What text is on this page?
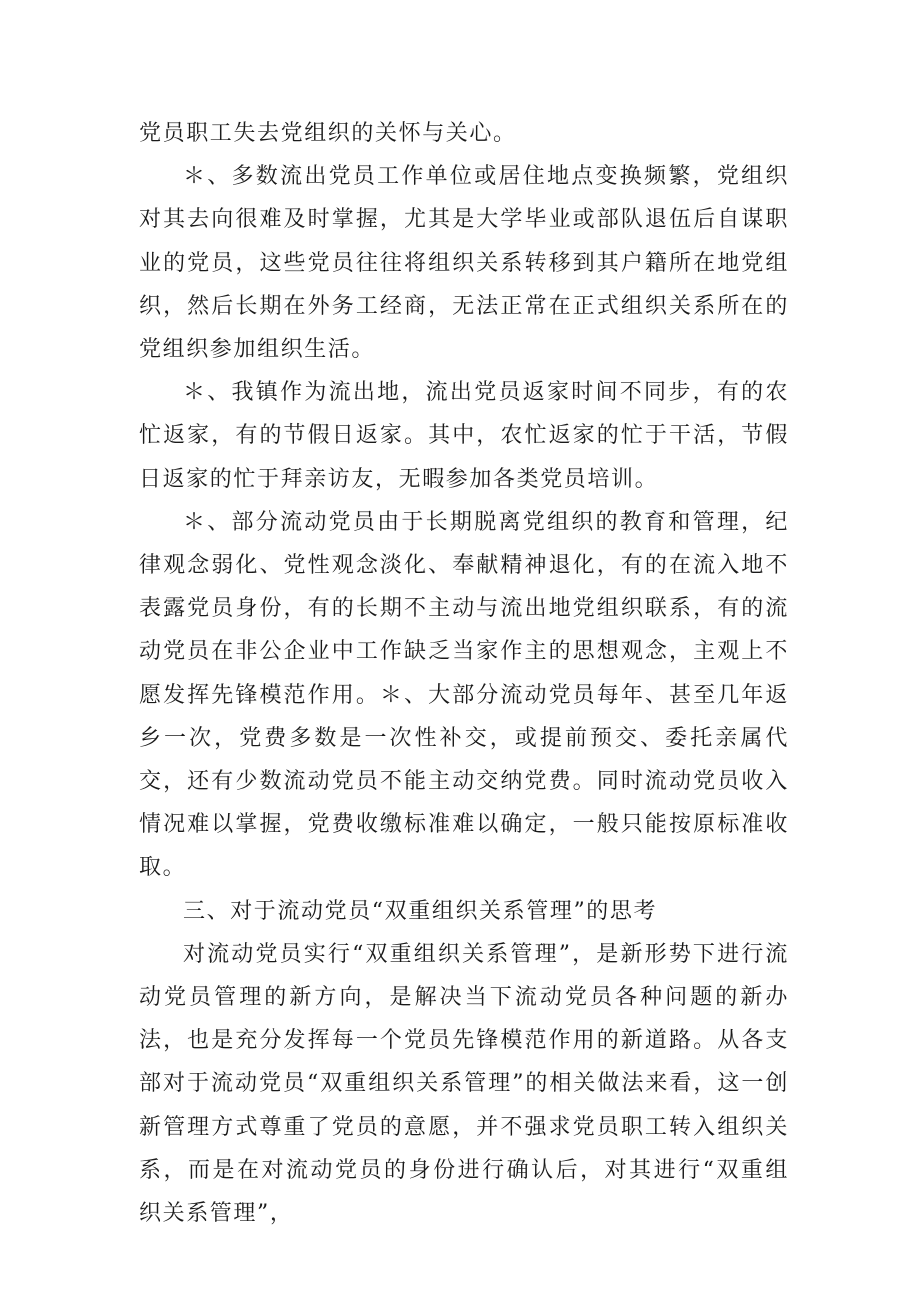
党员职工失去党组织的关怀与关心。

＊、多数流出党员工作单位或居住地点变换频繁，党组织对其去向很难及时掌握，尤其是大学毕业或部队退伍后自谋职业的党员，这些党员往往将组织关系转移到其户籍所在地党组织，然后长期在外务工经商，无法正常在正式组织关系所在的党组织参加组织生活。

＊、我镇作为流出地，流出党员返家时间不同步，有的农忙返家，有的节假日返家。其中，农忙返家的忙于干活，节假日返家的忙于拜亲访友，无暇参加各类党员培训。

＊、部分流动党员由于长期脱离党组织的教育和管理，纪律观念弱化、党性观念淡化、奉献精神退化，有的在流入地不表露党员身份，有的长期不主动与流出地党组织联系，有的流动党员在非公企业中工作缺乏当家作主的思想观念，主观上不愿发挥先锋模范作用。＊、大部分流动党员每年、甚至几年返乡一次，党费多数是一次性补交，或提前预交、委托亲属代交，还有少数流动党员不能主动交纳党费。同时流动党员收入情况难以掌握，党费收缴标准难以确定，一般只能按原标准收取。

三、对于流动党员“双重组织关系管理”的思考

对流动党员实行“双重组织关系管理”，是新形势下进行流动党员管理的新方向，是解决当下流动党员各种问题的新办法，也是充分发挥每一个党员先锋模范作用的新道路。从各支部对于流动党员“双重组织关系管理”的相关做法来看，这一创新管理方式尊重了党员的意愿，并不强求党员职工转入组织关系，而是在对流动党员的身份进行确认后，对其进行“双重组织关系管理”，
